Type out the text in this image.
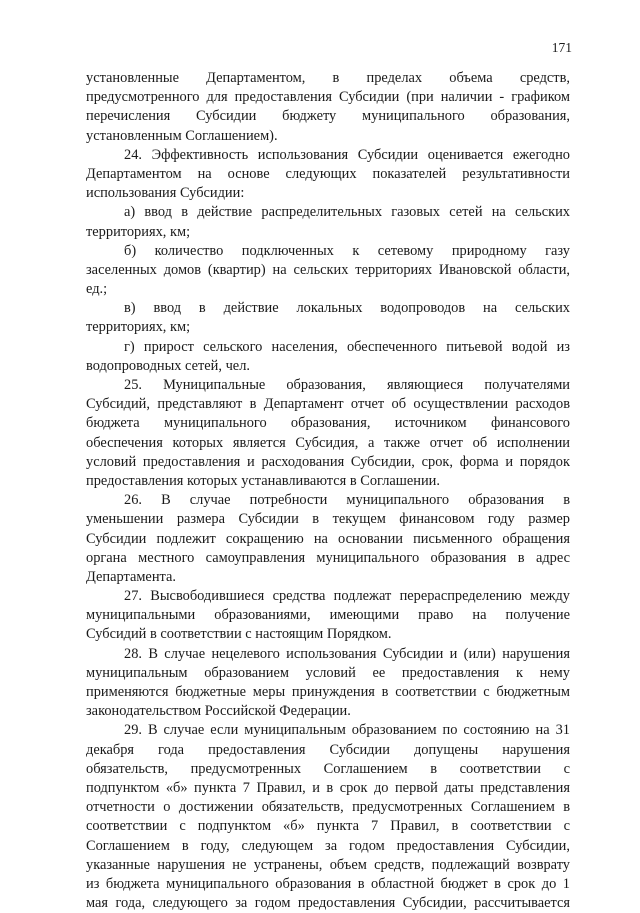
171
установленные Департаментом, в пределах объема средств,
предусмотренного для предоставления Субсидии (при наличии - графиком
перечисления Субсидии бюджету муниципального образования,
установленным Соглашением).
24. Эффективность использования Субсидии оценивается ежегодно
Департаментом на основе следующих показателей результативности
использования Субсидии:
а) ввод в действие распределительных газовых сетей на сельских
территориях, км;
б) количество подключенных к сетевому природному газу
заселенных домов (квартир) на сельских территориях Ивановской области,
ед.;
в) ввод в действие локальных водопроводов на сельских
территориях, км;
г) прирост сельского населения, обеспеченного питьевой водой из
водопроводных сетей, чел.
25. Муниципальные образования, являющиеся получателями
Субсидий, представляют в Департамент отчет об осуществлении расходов
бюджета муниципального образования, источником финансового
обеспечения которых является Субсидия, а также отчет об исполнении
условий предоставления и расходования Субсидии, срок, форма и порядок
предоставления которых устанавливаются в Соглашении.
26. В случае потребности муниципального образования в
уменьшении размера Субсидии в текущем финансовом году размер
Субсидии подлежит сокращению на основании письменного обращения
органа местного самоуправления муниципального образования в адрес
Департамента.
27. Высвободившиеся средства подлежат перераспределению между
муниципальными образованиями, имеющими право на получение
Субсидий в соответствии с настоящим Порядком.
28. В случае нецелевого использования Субсидии и (или) нарушения
муниципальным образованием условий ее предоставления к нему
применяются бюджетные меры принуждения в соответствии с бюджетным
законодательством Российской Федерации.
29. В случае если муниципальным образованием по состоянию на 31
декабря года предоставления Субсидии допущены нарушения
обязательств, предусмотренных Соглашением в соответствии с
подпунктом «б» пункта 7 Правил, и в срок до первой даты представления
отчетности о достижении обязательств, предусмотренных Соглашением в
соответствии с подпунктом «б» пункта 7 Правил, в соответствии с
Соглашением в году, следующем за годом предоставления Субсидии,
указанные нарушения не устранены, объем средств, подлежащий возврату
из бюджета муниципального образования в областной бюджет в срок до 1
мая года, следующего за годом предоставления Субсидии, рассчитывается
